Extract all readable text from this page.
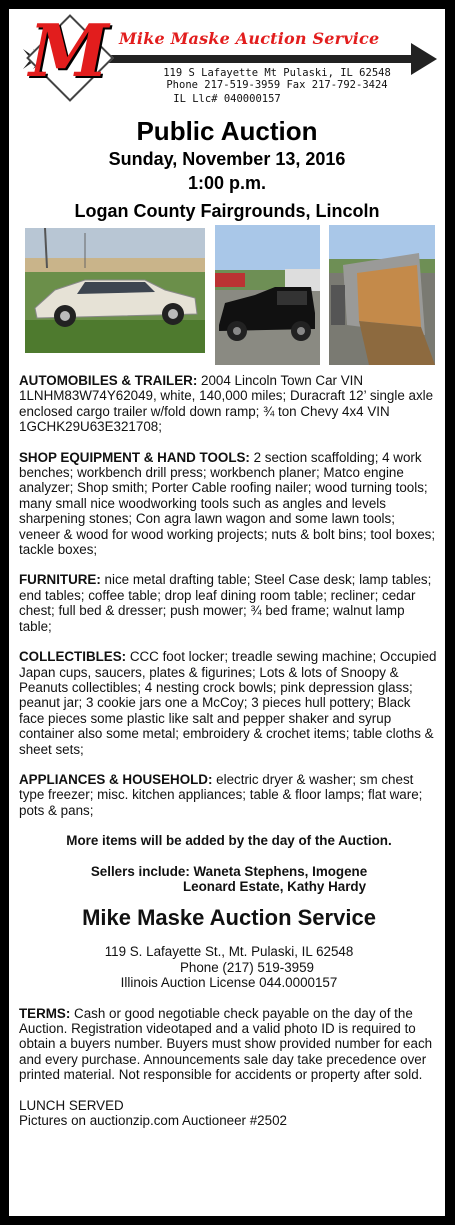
M Mike Maske Auction Service
119 S Lafayette Mt Pulaski, IL 62548
Phone 217-519-3959 Fax 217-792-3424
IL Llc# 040000157
Public Auction
Sunday, November 13, 2016
1:00 p.m.
Logan County Fairgrounds, Lincoln

AUTOMOBILES & TRAILER: 2004 Lincoln Town Car VIN 1LNHM83W74Y62049, white, 140,000 miles; Duracraft 12’ single axle enclosed cargo trailer w/fold down ramp; ¾ ton Chevy 4x4 VIN 1GCHK29U63E321708;

SHOP EQUIPMENT & HAND TOOLS: 2 section scaffolding; 4 work benches; workbench drill press; workbench planer; Matco engine analyzer; Shop smith; Porter Cable roofing nailer; wood turning tools; many small nice woodworking tools such as angles and levels sharpening stones; Con agra lawn wagon and some lawn tools; veneer & wood for wood working projects; nuts & bolt bins; tool boxes; tackle boxes;

FURNITURE: nice metal drafting table; Steel Case desk; lamp tables; end tables; coffee table; drop leaf dining room table; recliner; cedar chest; full bed & dresser; push mower; ¾ bed frame; walnut lamp table;

COLLECTIBLES: CCC foot locker; treadle sewing machine; Occupied Japan cups, saucers, plates & figurines; Lots & lots of Snoopy & Peanuts collectibles; 4 nesting crock bowls; pink depression glass; peanut jar; 3 cookie jars one a McCoy; 3 pieces hull pottery; Black face pieces some plastic like salt and pepper shaker and syrup container also some metal; embroidery & crochet items; table cloths & sheet sets;

APPLIANCES & HOUSEHOLD: electric dryer & washer; sm chest type freezer; misc. kitchen appliances; table & floor lamps; flat ware; pots & pans;

More items will be added by the day of the Auction.

Sellers include: Waneta Stephens, Imogene

Leonard Estate, Kathy Hardy

Mike Maske Auction Service
119 S. Lafayette St., Mt. Pulaski, IL 62548
Phone (217) 519-3959
Illinois Auction License 044.0000157

TERMS: Cash or good negotiable check payable on the day of the Auction. Registration videotaped and a valid photo ID is required to obtain a buyers number. Buyers must show provided number for each and every purchase. Announcements sale day take precedence over printed material. Not responsible for accidents or property after sold.

LUNCH SERVED
Pictures on auctionzip.com Auctioneer #2502
